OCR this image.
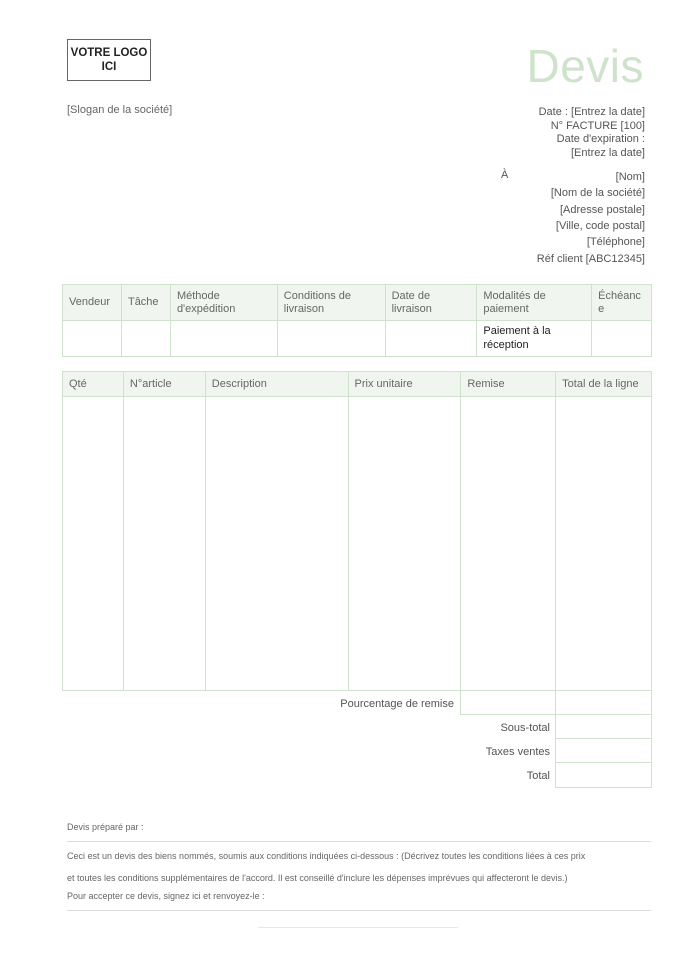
VOTRE LOGO
ICI	Devis
[Slogan de la société]	Date : [Entrez la date]
N° FACTURE [100]
Date d'expiration :
[Entrez la date]
À	[Nom]
[Nom de la société]
[Adresse postale]
[Ville, code postal]
[Téléphone]
Réf client [ABC12345]
Vendeur	Tâche	Méthode d'expédition	Conditions de livraison	Date de livraison	Modalités de paiement	Échéance
					Paiement à la réception	
Qté	N°article	Description	Prix unitaire	Remise	Total de la ligne

Pourcentage de remise
Sous-total
Taxes ventes
Total
Devis préparé par :
Ceci est un devis des biens nommés, soumis aux conditions indiquées ci-dessous : (Décrivez toutes les conditions liées à ces prix
et toutes les conditions supplémentaires de l'accord. Il est conseillé d'inclure les dépenses imprévues qui affecteront le devis.)
Pour accepter ce devis, signez ici et renvoyez-le :
